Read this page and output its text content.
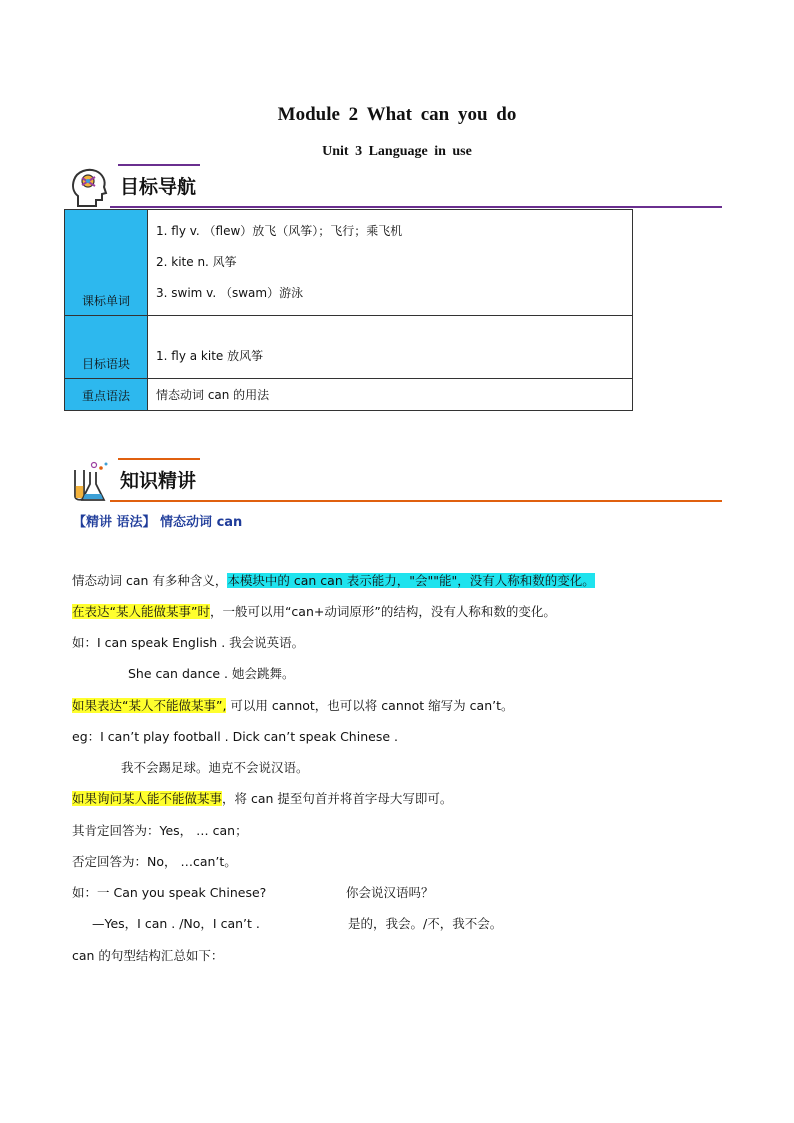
Module 2 What can you do
Unit 3 Language in use
目标导航
课标单词	1. fly v. （flew）放飞（风筝）；飞行；乘飞机

2. kite n. 风筝

3. swim v. （swam）游泳

目标语块	1. fly a kite 放风筝

重点语法	情态动词 can 的用法

知识精讲
【精讲 语法】 情态动词 can
情态动词 can 有多种含义，本模块中的 can can 表示能力，"会""能"，没有人称和数的变化。
在表达“某人能做某事”时，一般可以用“can+动词原形”的结构，没有人称和数的变化。
如：I can speak English . 我会说英语。
She can dance . 她会跳舞。
如果表达“某人不能做某事”, 可以用 cannot，也可以将 cannot 缩写为 can’t。
eg：I can’t play football . Dick can’t speak Chinese .
我不会踢足球。迪克不会说汉语。
如果询问某人能不能做某事，将 can 提至句首并将首字母大写即可。
其肯定回答为：Yes， … can；
否定回答为：No， …can’t。
如：一 Can you speak Chinese?	你会说汉语吗？
—Yes，I can . /No，I can’t .	是的，我会。/不，我不会。
can 的句型结构汇总如下：
